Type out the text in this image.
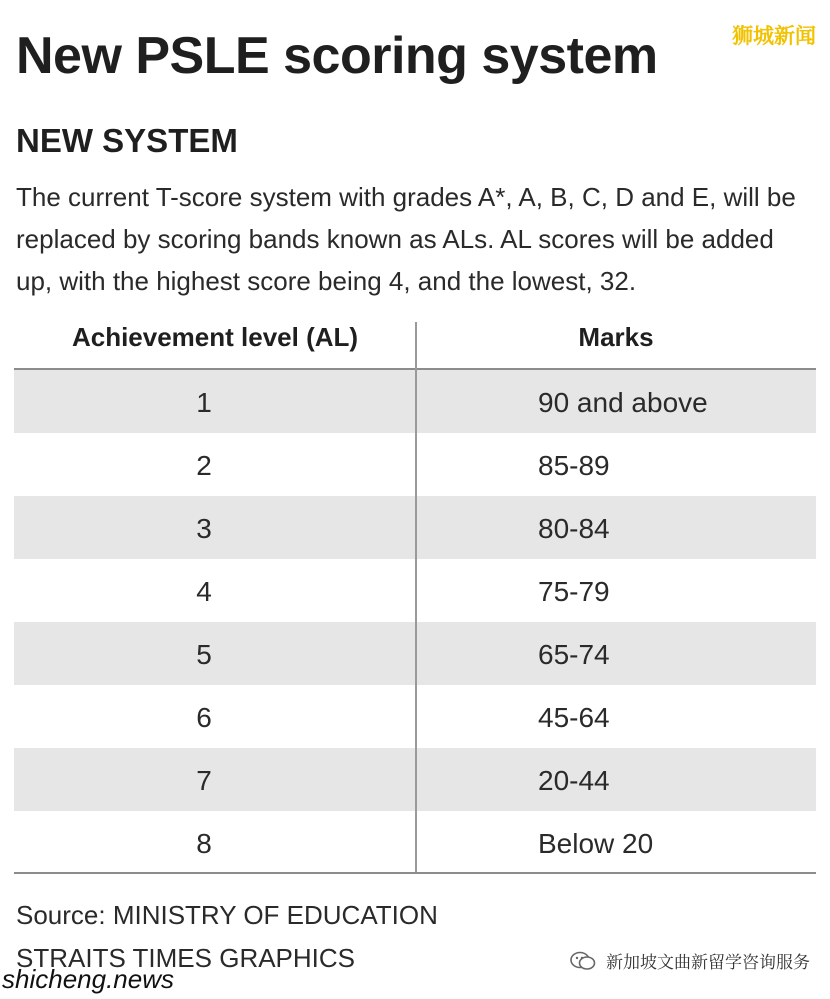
狮城新闻
New PSLE scoring system
NEW SYSTEM

The current T-score system with grades A*, A, B, C, D and E, will be replaced by scoring bands known as ALs. AL scores will be added up, with the highest score being 4, and the lowest, 32.

Achievement level (AL)	Marks
1	90 and above
2	85-89
3	80-84
4	75-79
5	65-74
6	45-64
7	20-44
8	Below 20
Source: MINISTRY OF EDUCATION
STRAITS TIMES GRAPHICS
shicheng.news
新加坡文曲新留学咨询服务
